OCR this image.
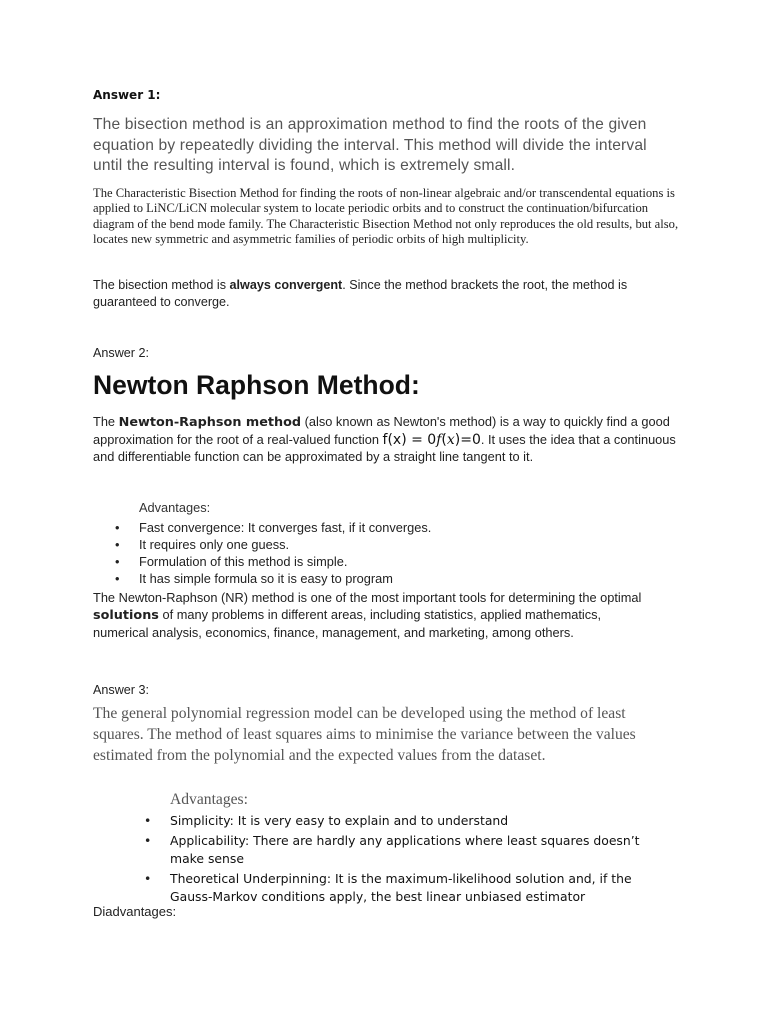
Answer 1:

The bisection method is an approximation method to find the roots of the given equation by repeatedly dividing the interval. This method will divide the interval until the resulting interval is found, which is extremely small.

The Characteristic Bisection Method for finding the roots of non-linear algebraic and/or transcendental equations is applied to LiNC/LiCN molecular system to locate periodic orbits and to construct the continuation/bifurcation diagram of the bend mode family. The Characteristic Bisection Method not only reproduces the old results, but also, locates new symmetric and asymmetric families of periodic orbits of high multiplicity.

The bisection method is always convergent. Since the method brackets the root, the method is guaranteed to converge.

Answer 2:

Newton Raphson Method:

The Newton-Raphson method (also known as Newton's method) is a way to quickly find a good approximation for the root of a real-valued function f(x) = 0f(x)=0. It uses the idea that a continuous and differentiable function can be approximated by a straight line tangent to it.

Advantages:

• Fast convergence: It converges fast, if it converges.
• It requires only one guess.
• Formulation of this method is simple.
• It has simple formula so it is easy to program

The Newton-Raphson (NR) method is one of the most important tools for determining the optimal solutions of many problems in different areas, including statistics, applied mathematics, numerical analysis, economics, finance, management, and marketing, among others.

Answer 3:

The general polynomial regression model can be developed using the method of least squares. The method of least squares aims to minimise the variance between the values estimated from the polynomial and the expected values from the dataset.

Advantages:

• Simplicity: It is very easy to explain and to understand
• Applicability: There are hardly any applications where least squares doesn’t make sense
• Theoretical Underpinning: It is the maximum-likelihood solution and, if the Gauss-Markov conditions apply, the best linear unbiased estimator

Diadvantages:
